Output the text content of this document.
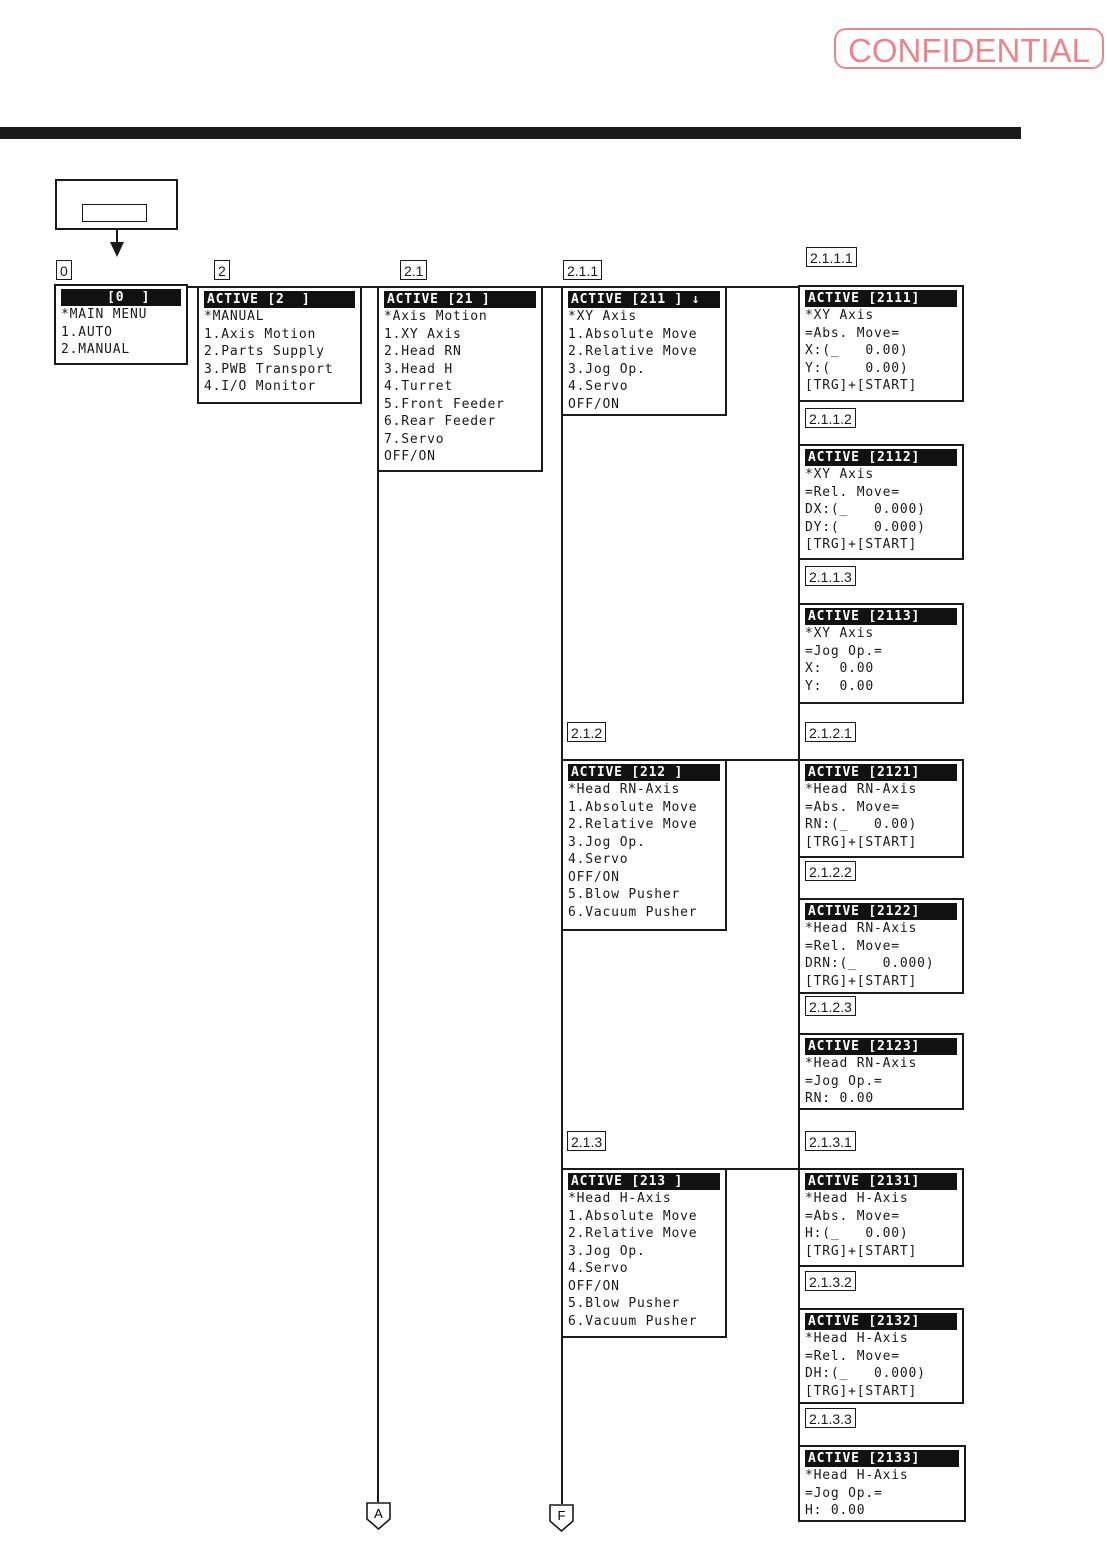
CONFIDENTIAL
A	F
0	2	2.1	2.1.1
2.1.1.1
2.1.1.2
2.1.1.3
2.1.2	2.1.2.1
2.1.2.2
2.1.2.3
2.1.3	2.1.3.1
2.1.3.2
2.1.3.3
[0  ]
*MAIN MENU
1.AUTO
2.MANUAL
ACTIVE [2  ]
*MANUAL
1.Axis Motion
2.Parts Supply
3.PWB Transport
4.I/O Monitor
ACTIVE [21 ]
*Axis Motion
1.XY Axis
2.Head RN
3.Head H
4.Turret
5.Front Feeder
6.Rear Feeder
7.Servo
OFF/ON
ACTIVE [211 ] ↓
*XY Axis
1.Absolute Move
2.Relative Move
3.Jog Op.
4.Servo
OFF/ON
ACTIVE [2111]
*XY Axis
=Abs. Move=
X:(_   0.00)
Y:(    0.00)
[TRG]+[START]
ACTIVE [2112]
*XY Axis
=Rel. Move=
DX:(_   0.000)
DY:(    0.000)
[TRG]+[START]
ACTIVE [2113]
*XY Axis
=Jog Op.=
X:  0.00
Y:  0.00
ACTIVE [212 ]
*Head RN-Axis
1.Absolute Move
2.Relative Move
3.Jog Op.
4.Servo
OFF/ON
5.Blow Pusher
6.Vacuum Pusher
ACTIVE [2121]
*Head RN-Axis
=Abs. Move=
RN:(_   0.00)
[TRG]+[START]
ACTIVE [2122]
*Head RN-Axis
=Rel. Move=
DRN:(_   0.000)
[TRG]+[START]
ACTIVE [2123]
*Head RN-Axis
=Jog Op.=
RN: 0.00
ACTIVE [213 ]
*Head H-Axis
1.Absolute Move
2.Relative Move
3.Jog Op.
4.Servo
OFF/ON
5.Blow Pusher
6.Vacuum Pusher
ACTIVE [2131]
*Head H-Axis
=Abs. Move=
H:(_   0.00)
[TRG]+[START]
ACTIVE [2132]
*Head H-Axis
=Rel. Move=
DH:(_   0.000)
[TRG]+[START]
ACTIVE [2133]
*Head H-Axis
=Jog Op.=
H: 0.00
